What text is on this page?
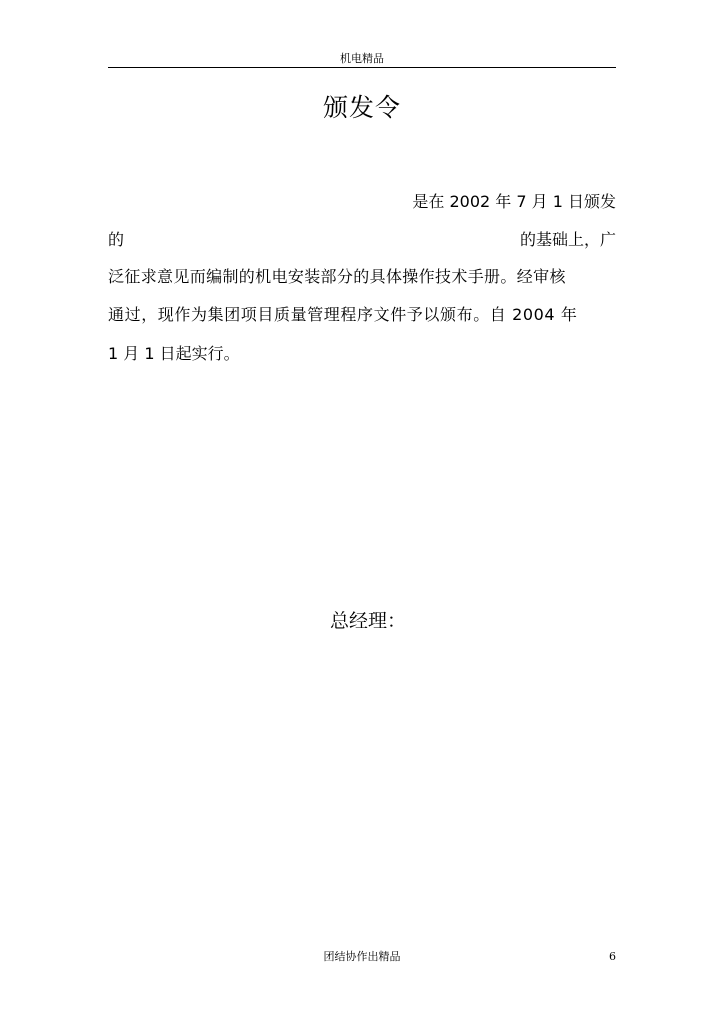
机电精品
颁发令
是在 2002 年 7 月 1 日颁发
的	的基础上，广
泛征求意见而编制的机电安装部分的具体操作技术手册。经审核
通过，现作为集团项目质量管理程序文件予以颁布。自 2004 年
1 月 1 日起实行。
总经理：
团结协作出精品	6
